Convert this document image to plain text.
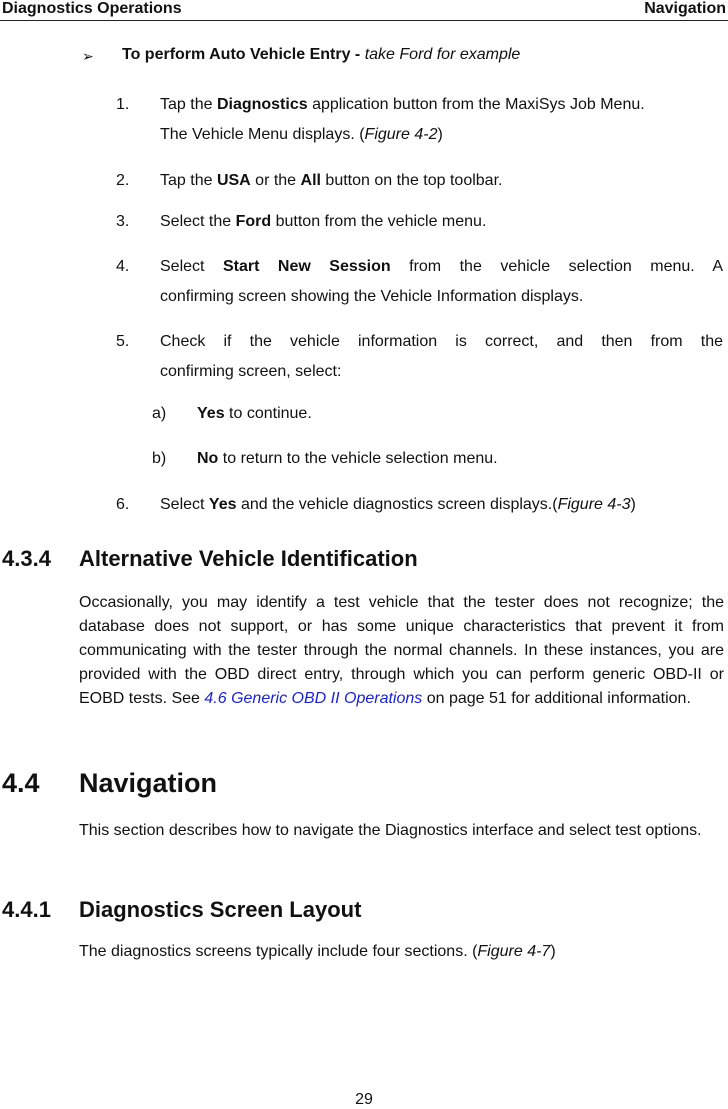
Diagnostics Operations	Navigation
➢ To perform Auto Vehicle Entry - take Ford for example
1.	Tap the Diagnostics application button from the MaxiSys Job Menu.
The Vehicle Menu displays. (Figure 4-2)
2.	Tap the USA or the All button on the top toolbar.
3.	Select the Ford button from the vehicle menu.
4.	Select Start New Session from the vehicle selection menu. A
confirming screen showing the Vehicle Information displays.
5.	Check if the vehicle information is correct, and then from the
confirming screen, select:
a) Yes to continue.
b) No to return to the vehicle selection menu.
6.	Select Yes and the vehicle diagnostics screen displays.(Figure 4-3)
4.3.4 Alternative Vehicle Identification
Occasionally, you may identify a test vehicle that the tester does not recognize; the database does not support, or has some unique characteristics that prevent it from communicating with the tester through the normal channels. In these instances, you are provided with the OBD direct entry, through which you can perform generic OBD-II or EOBD tests. See 4.6 Generic OBD II Operations on page 51 for additional information.
4.4 Navigation
This section describes how to navigate the Diagnostics interface and select test options.
4.4.1 Diagnostics Screen Layout
The diagnostics screens typically include four sections. (Figure 4-7)
29
